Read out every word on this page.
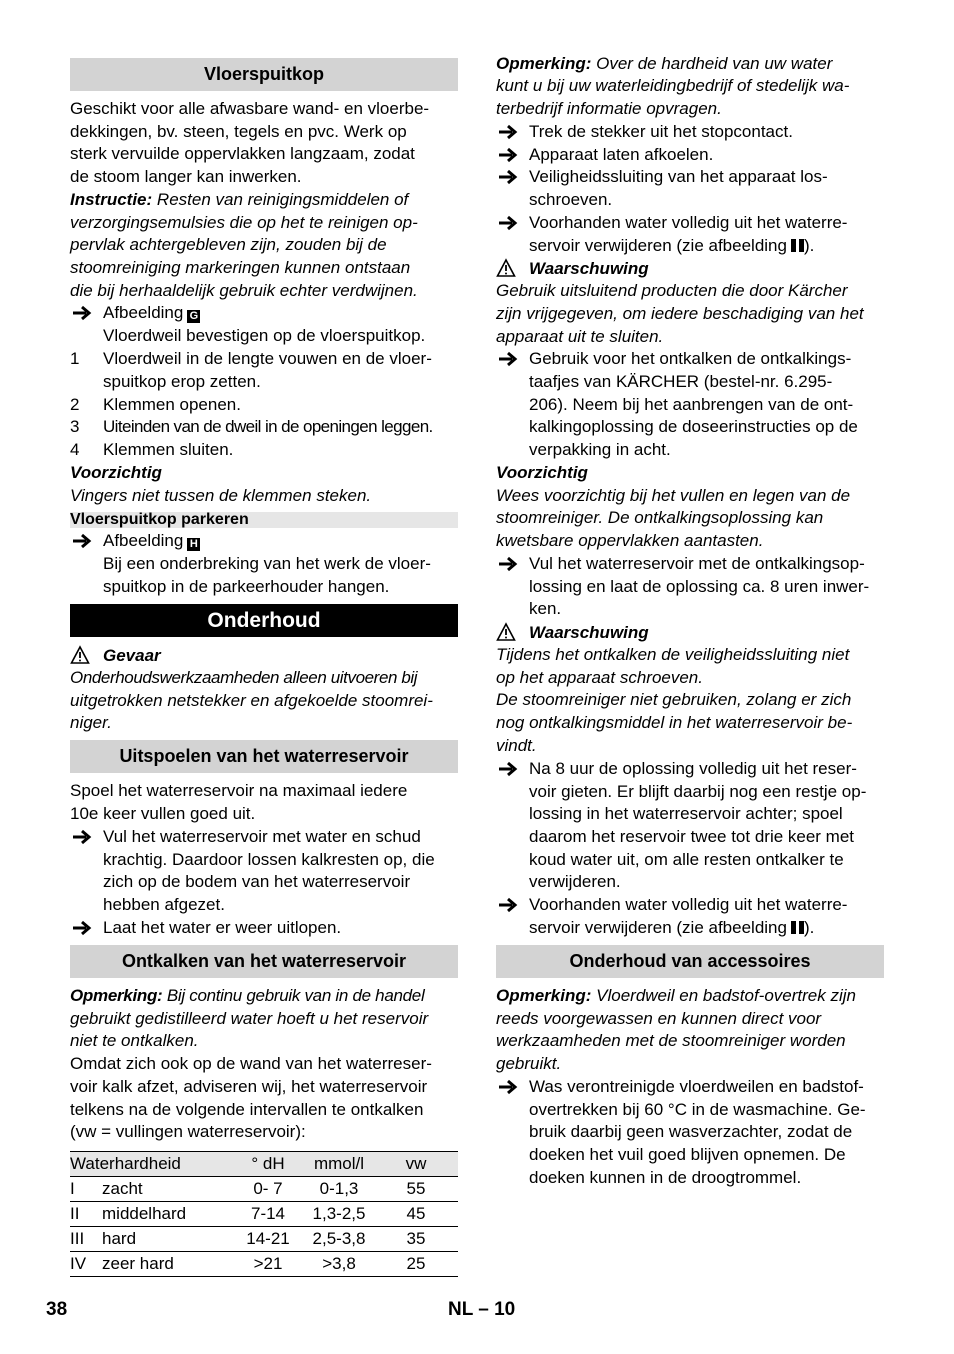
Vloerspuitkop
Geschikt voor alle afwasbare wand- en vloerbe-
dekkingen, bv. steen, tegels en pvc. Werk op
sterk vervuilde oppervlakken langzaam, zodat
de stoom langer kan inwerken.
Instructie: Resten van reinigingsmiddelen of
verzorgingsemulsies die op het te reinigen op-
pervlak achtergebleven zijn, zouden bij de
stoomreiniging markeringen kunnen ontstaan
die bij herhaaldelijk gebruik echter verdwijnen.
Afbeelding G
Vloerdweil bevestigen op de vloerspuitkop.
1 Vloerdweil in de lengte vouwen en de vloer-
spuitkop erop zetten.
2 Klemmen openen.
3 Uiteinden van de dweil in de openingen leggen.
4 Klemmen sluiten.
Voorzichtig
Vingers niet tussen de klemmen steken.
Vloerspuitkop parkeren
Afbeelding H
Bij een onderbreking van het werk de vloer-
spuitkop in de parkeerhouder hangen.
Onderhoud
Gevaar
Onderhoudswerkzaamheden alleen uitvoeren bij
uitgetrokken netstekker en afgekoelde stoomrei-
niger.
Uitspoelen van het waterreservoir
Spoel het waterreservoir na maximaal iedere
10e keer vullen goed uit.
Vul het waterreservoir met water en schud
krachtig. Daardoor lossen kalkresten op, die
zich op de bodem van het waterreservoir
hebben afgezet.
Laat het water er weer uitlopen.
Ontkalken van het waterreservoir
Opmerking: Bij continu gebruik van in de handel
gebruikt gedistilleerd water hoeft u het reservoir
niet te ontkalken.
Omdat zich ook op de wand van het waterreser-
voir kalk afzet, adviseren wij, het waterreservoir
telkens na de volgende intervallen te ontkalken
(vw = vullingen waterreservoir):
Waterhardheid		° dH	mmol/l	vw
I	zacht	0- 7	0-1,3	55
II	middelhard	7-14	1,3-2,5	45
III	hard	14-21	2,5-3,8	35
IV	zeer hard	>21	>3,8	25
Opmerking: Over de hardheid van uw water
kunt u bij uw waterleidingbedrijf of stedelijk wa-
terbedrijf informatie opvragen.
Trek de stekker uit het stopcontact.
Apparaat laten afkoelen.
Veiligheidssluiting van het apparaat los-
schroeven.
Voorhanden water volledig uit het waterre-
servoir verwijderen (zie afbeelding ).
Waarschuwing
Gebruik uitsluitend producten die door Kärcher
zijn vrijgegeven, om iedere beschadiging van het
apparaat uit te sluiten.
Gebruik voor het ontkalken de ontkalkings-
taafjes van KÄRCHER (bestel-nr. 6.295-
206). Neem bij het aanbrengen van de ont-
kalkingoplossing de doseerinstructies op de
verpakking in acht.
Voorzichtig
Wees voorzichtig bij het vullen en legen van de
stoomreiniger. De ontkalkingsoplossing kan
kwetsbare oppervlakken aantasten.
Vul het waterreservoir met de ontkalkingsop-
lossing en laat de oplossing ca. 8 uren inwer-
ken.
Waarschuwing
Tijdens het ontkalken de veiligheidssluiting niet
op het apparaat schroeven.
De stoomreiniger niet gebruiken, zolang er zich
nog ontkalkingsmiddel in het waterreservoir be-
vindt.
Na 8 uur de oplossing volledig uit het reser-
voir gieten. Er blijft daarbij nog een restje op-
lossing in het waterreservoir achter; spoel
daarom het reservoir twee tot drie keer met
koud water uit, om alle resten ontkalker te
verwijderen.
Voorhanden water volledig uit het waterre-
servoir verwijderen (zie afbeelding ).
Onderhoud van accessoires
Opmerking: Vloerdweil en badstof-overtrek zijn
reeds voorgewassen en kunnen direct voor
werkzaamheden met de stoomreiniger worden
gebruikt.
Was verontreinigde vloerdweilen en badstof-
overtrekken bij 60 °C in de wasmachine. Ge-
bruik daarbij geen wasverzachter, zodat de
doeken het vuil goed blijven opnemen. De
doeken kunnen in de droogtrommel.
38	NL – 10
